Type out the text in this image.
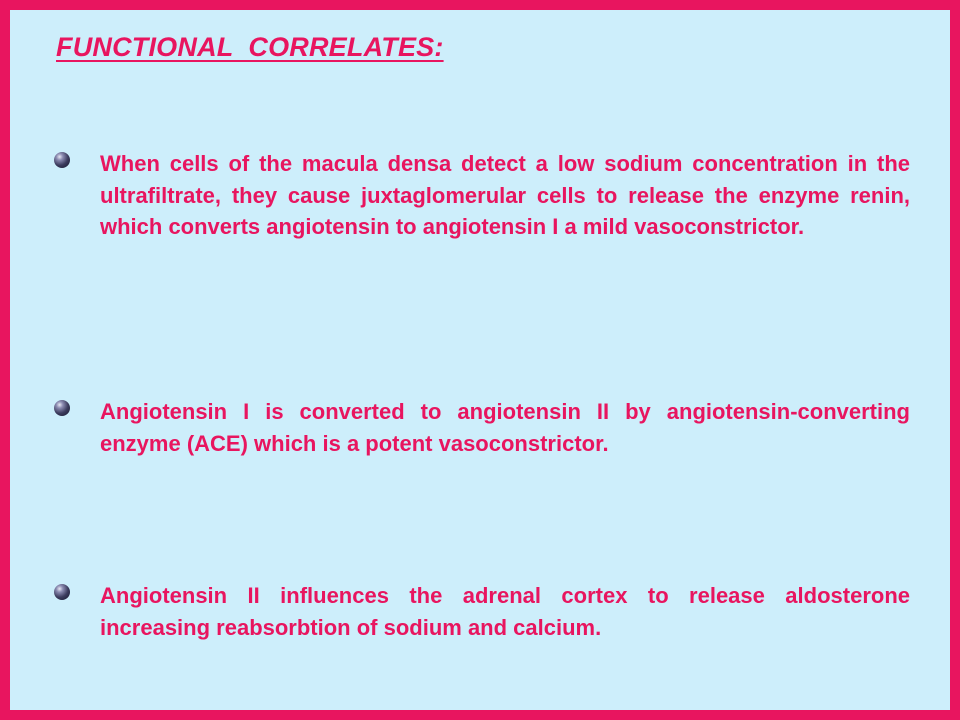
FUNCTIONAL  CORRELATES:

When cells of the macula densa detect a low sodium concentration in the ultrafiltrate, they cause juxtaglomerular cells to release the enzyme renin, which converts angiotensin to angiotensin I a mild vasoconstrictor.

Angiotensin I is converted to angiotensin II by angiotensin-converting enzyme (ACE) which is a potent vasoconstrictor.

Angiotensin II influences the adrenal cortex to release aldosterone increasing reabsorbtion of sodium and calcium.
